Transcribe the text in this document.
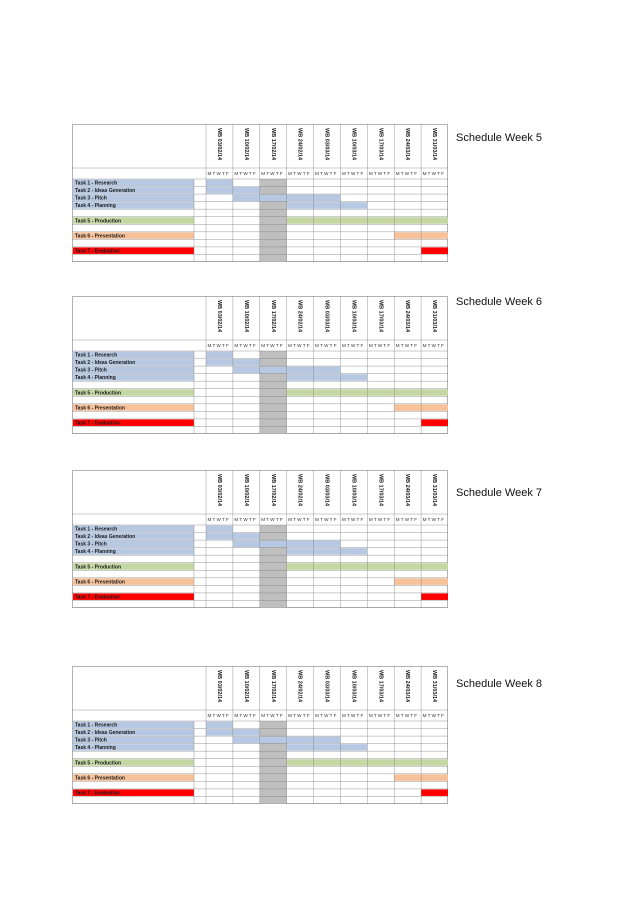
Task 1 - Research
Task 2 - Ideas Generation
Task 3 - Pitch
Task 4 - Planning
Task 5 - Production
Task 6 - Presentation
Task 7 - Evaluation
WB 03/02/14
M T W T F
WB 10/02/14
M T W T F
WB 17/02/14
M T W T F
WB 24/02/14
M T W T F
WB 03/03/14
M T W T F
WB 10/03/14
M T W T F
WB 17/03/14
M T W T F
WB 24/03/14
M T W T F
WB 31/03/14
M T W T F
Schedule Week 5
Task 1 - Research
Task 2 - Ideas Generation
Task 3 - Pitch
Task 4 - Planning
Task 5 - Production
Task 6 - Presentation
Task 7 - Evaluation
WB 03/02/14
M T W T F
WB 10/02/14
M T W T F
WB 17/02/14
M T W T F
WB 24/02/14
M T W T F
WB 03/03/14
M T W T F
WB 10/03/14
M T W T F
WB 17/03/14
M T W T F
WB 24/03/14
M T W T F
WB 31/03/14
M T W T F
Schedule Week 6
Task 1 - Research
Task 2 - Ideas Generation
Task 3 - Pitch
Task 4 - Planning
Task 5 - Production
Task 6 - Presentation
Task 7 - Evaluation
WB 03/02/14
M T W T F
WB 10/02/14
M T W T F
WB 17/02/14
M T W T F
WB 24/02/14
M T W T F
WB 03/03/14
M T W T F
WB 10/03/14
M T W T F
WB 17/03/14
M T W T F
WB 24/03/14
M T W T F
WB 31/03/14
M T W T F
Schedule Week 7
Task 1 - Research
Task 2 - Ideas Generation
Task 3 - Pitch
Task 4 - Planning
Task 5 - Production
Task 6 - Presentation
Task 7 - Evaluation
WB 03/02/14
M T W T F
WB 10/02/14
M T W T F
WB 17/02/14
M T W T F
WB 24/02/14
M T W T F
WB 03/03/14
M T W T F
WB 10/03/14
M T W T F
WB 17/03/14
M T W T F
WB 24/03/14
M T W T F
WB 31/03/14
M T W T F
Schedule Week 8
